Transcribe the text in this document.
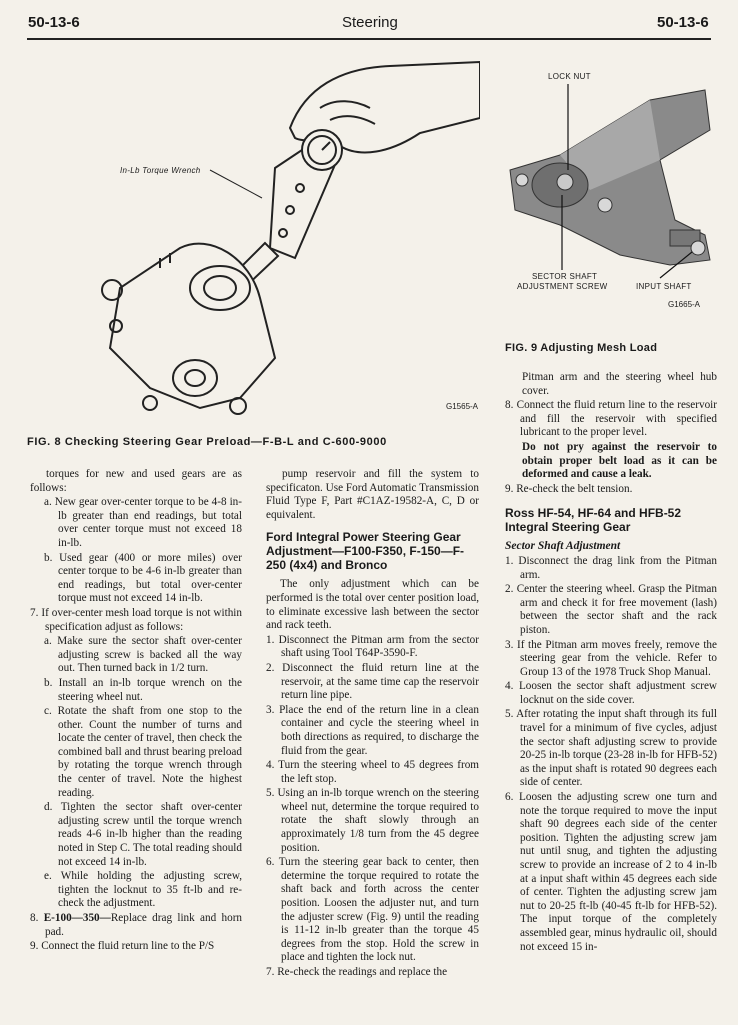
50-13-6	Steering	50-13-6
In-Lb Torque Wrench
G1565-A
FIG. 8 Checking Steering Gear Preload—F-B-L and C-600-9000
LOCK NUT
SECTOR SHAFT
ADJUSTMENT SCREW	INPUT SHAFT
G1665-A
FIG. 9 Adjusting Mesh Load

torques for new and used gears are as follows:

a. New gear over-center torque to be 4-8 in-lb greater than end readings, but total over center torque must not exceed 18 in-lb.

b. Used gear (400 or more miles) over center torque to be 4-6 in-lb greater than end readings, but total over-center torque must not exceed 14 in-lb.

7. If over-center mesh load torque is not within specification adjust as follows:

a. Make sure the sector shaft over-center adjusting screw is backed all the way out. Then turned back in 1/2 turn.

b. Install an in-lb torque wrench on the steering wheel nut.

c. Rotate the shaft from one stop to the other. Count the number of turns and locate the center of travel, then check the combined ball and thrust bearing preload by rotating the torque wrench through the center of travel. Note the highest reading.

d. Tighten the sector shaft over-center adjusting screw until the torque wrench reads 4-6 in-lb higher than the reading noted in Step C. The total reading should not exceed 14 in-lb.

e. While holding the adjusting screw, tighten the locknut to 35 ft-lb and re-check the adjustment.

8. E-100—350—Replace drag link and horn pad.

9. Connect the fluid return line to the P/S

pump reservoir and fill the system to specificaton. Use Ford Automatic Transmission Fluid Type F, Part #C1AZ-19582-A, C, D or equivalent.

Ford Integral Power Steering Gear Adjustment—F100-F350, F-150—F-250 (4x4) and Bronco

The only adjustment which can be performed is the total over center position load, to eliminate excessive lash between the sector and rack teeth.

1. Disconnect the Pitman arm from the sector shaft using Tool T64P-3590-F.

2. Disconnect the fluid return line at the reservoir, at the same time cap the reservoir return line pipe.

3. Place the end of the return line in a clean container and cycle the steering wheel in both directions as required, to discharge the fluid from the gear.

4. Turn the steering wheel to 45 degrees from the left stop.

5. Using an in-lb torque wrench on the steering wheel nut, determine the torque required to rotate the shaft slowly through an approximately 1/8 turn from the 45 degree position.

6. Turn the steering gear back to center, then determine the torque required to rotate the shaft back and forth across the center position. Loosen the adjuster nut, and turn the adjuster screw (Fig. 9) until the reading is 11-12 in-lb greater than the torque 45 degrees from the stop. Hold the screw in place and tighten the lock nut.

7. Re-check the readings and replace the

Pitman arm and the steering wheel hub cover.

8. Connect the fluid return line to the reservoir and fill the reservoir with specified lubricant to the proper level.

Do not pry against the reservoir to obtain proper belt load as it can be deformed and cause a leak.

9. Re-check the belt tension.

Ross HF-54, HF-64 and HFB-52 Integral Steering Gear
Sector Shaft Adjustment

1. Disconnect the drag link from the Pitman arm.

2. Center the steering wheel. Grasp the Pitman arm and check it for free movement (lash) between the sector shaft and the rack piston.

3. If the Pitman arm moves freely, remove the steering gear from the vehicle. Refer to Group 13 of the 1978 Truck Shop Manual.

4. Loosen the sector shaft adjustment screw locknut on the side cover.

5. After rotating the input shaft through its full travel for a minimum of five cycles, adjust the sector shaft adjusting screw to provide 20-25 in-lb torque (23-28 in-lb for HFB-52) as the input shaft is rotated 90 degrees each side of center.

6. Loosen the adjusting screw one turn and note the torque required to move the input shaft 90 degrees each side of the center position. Tighten the adjusting screw jam nut until snug, and tighten the adjusting screw to provide an increase of 2 to 4 in-lb at a input shaft within 45 degrees each side of center. Tighten the adjusting screw jam nut to 20-25 ft-lb (40-45 ft-lb for HFB-52). The input torque of the completely assembled gear, minus hydraulic oil, should not exceed 15 in-
